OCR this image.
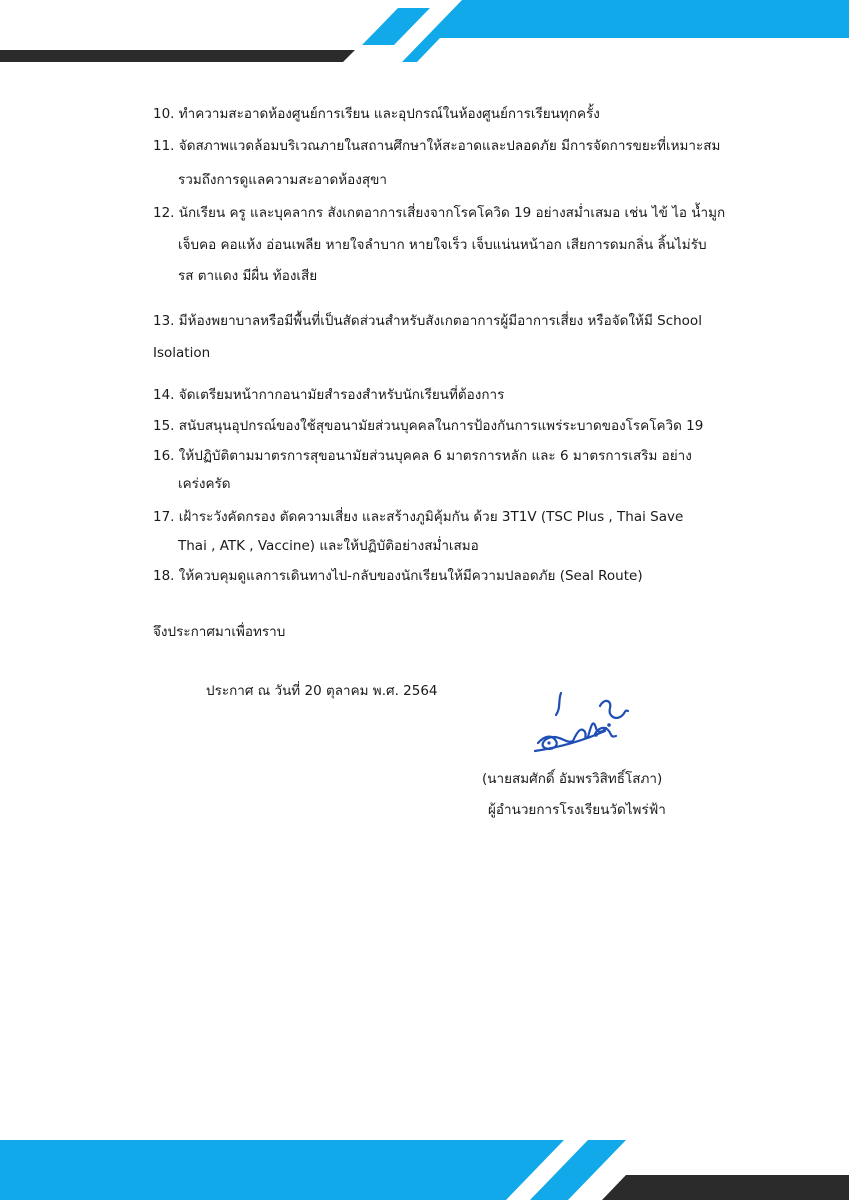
10. ทำความสะอาดห้องศูนย์การเรียน และอุปกรณ์ในห้องศูนย์การเรียนทุกครั้ง
11. จัดสภาพแวดล้อมบริเวณภายในสถานศึกษาให้สะอาดและปลอดภัย มีการจัดการขยะที่เหมาะสม
รวมถึงการดูแลความสะอาดห้องสุขา
12. นักเรียน ครู และบุคลากร สังเกตอาการเสี่ยงจากโรคโควิด 19 อย่างสม่ำเสมอ เช่น ไข้ ไอ น้ำมูก
เจ็บคอ คอแห้ง อ่อนเพลีย หายใจลำบาก หายใจเร็ว เจ็บแน่นหน้าอก เสียการดมกลิ่น ลิ้นไม่รับ
รส ตาแดง มีผื่น ท้องเสีย
13. มีห้องพยาบาลหรือมีพื้นที่เป็นสัดส่วนสำหรับสังเกตอาการผู้มีอาการเสี่ยง หรือจัดให้มี School
Isolation
14. จัดเตรียมหน้ากากอนามัยสำรองสำหรับนักเรียนที่ต้องการ
15. สนับสนุนอุปกรณ์ของใช้สุขอนามัยส่วนบุคคลในการป้องกันการแพร่ระบาดของโรคโควิด 19
16. ให้ปฏิบัติตามมาตรการสุขอนามัยส่วนบุคคล 6 มาตรการหลัก และ 6 มาตรการเสริม อย่าง
เคร่งครัด
17. เฝ้าระวังคัดกรอง ตัดความเสี่ยง และสร้างภูมิคุ้มกัน ด้วย 3T1V (TSC Plus , Thai Save
Thai , ATK , Vaccine) และให้ปฏิบัติอย่างสม่ำเสมอ
18. ให้ควบคุมดูแลการเดินทางไป-กลับของนักเรียนให้มีความปลอดภัย (Seal Route)
จึงประกาศมาเพื่อทราบ
ประกาศ ณ วันที่ 20 ตุลาคม พ.ศ. 2564
(นายสมศักดิ์ อัมพรวิสิทธิ์โสภา)
ผู้อำนวยการโรงเรียนวัดไพร่ฟ้า
